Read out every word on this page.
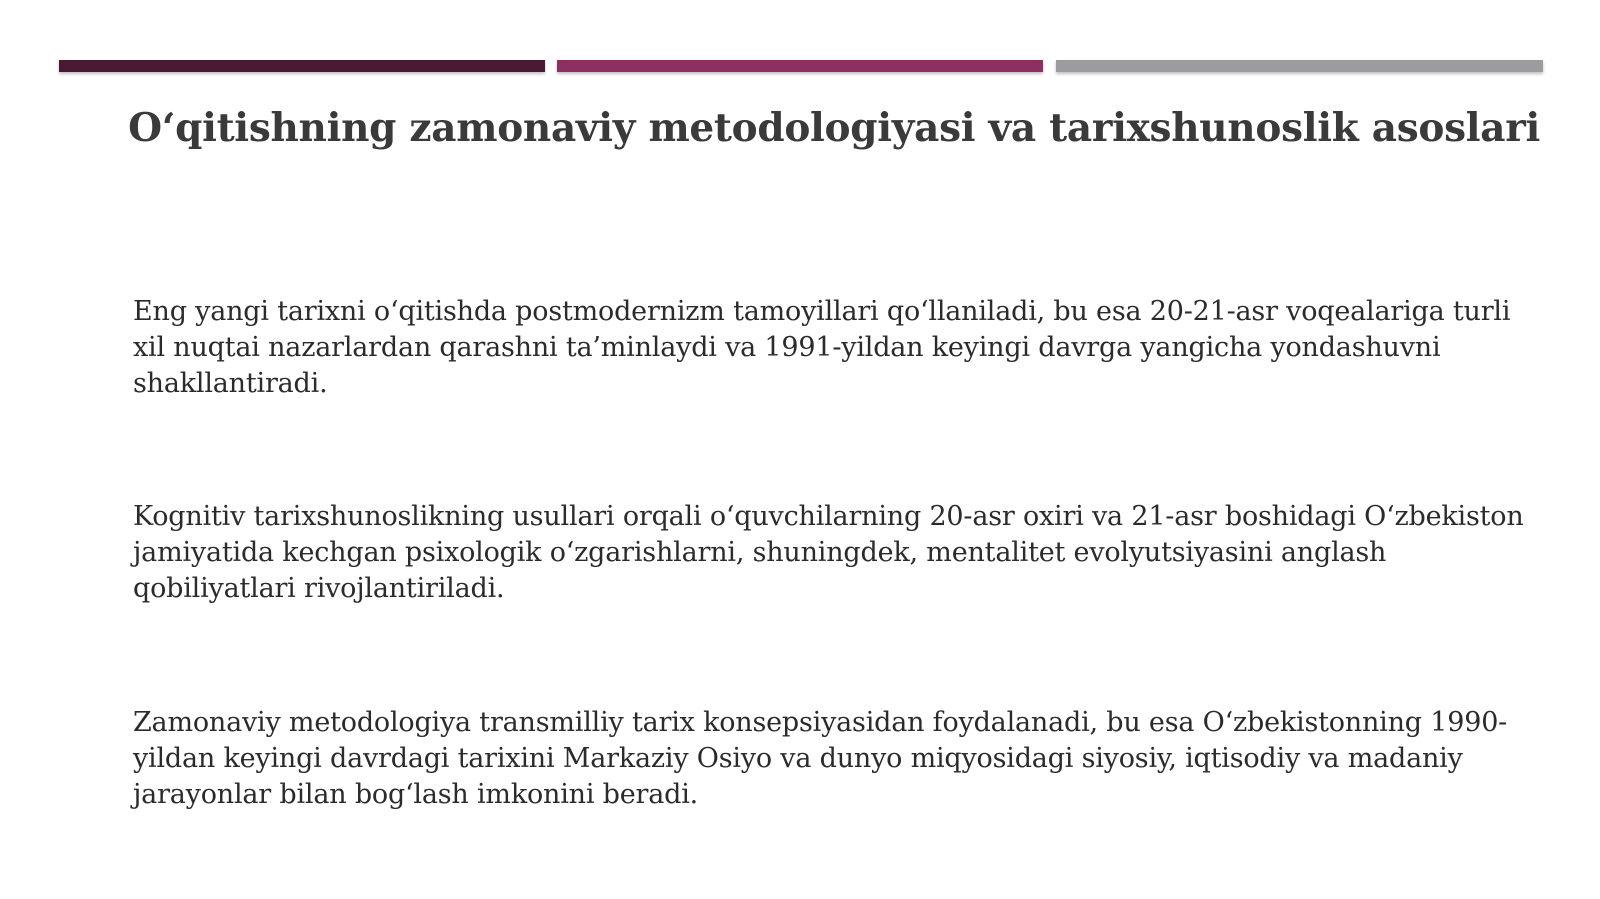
O‘qitishning zamonaviy metodologiyasi va tarixshunoslik asoslari
Eng yangi tarixni o‘qitishda postmodernizm tamoyillari qo‘llaniladi, bu esa 20-21-asr voqealariga turli xil nuqtai nazarlardan qarashni ta’minlaydi va 1991-yildan keyingi davrga yangicha yondashuvni shakllantiradi.
Kognitiv tarixshunoslikning usullari orqali o‘quvchilarning 20-asr oxiri va 21-asr boshidagi O‘zbekiston jamiyatida kechgan psixologik o‘zgarishlarni, shuningdek, mentalitet evolyutsiyasini anglash qobiliyatlari rivojlantiriladi.
Zamonaviy metodologiya transmilliy tarix konsepsiyasidan foydalanadi, bu esa O‘zbekistonning 1990-yildan keyingi davrdagi tarixini Markaziy Osiyo va dunyo miqyosidagi siyosiy, iqtisodiy va madaniy jarayonlar bilan bog‘lash imkonini beradi.
